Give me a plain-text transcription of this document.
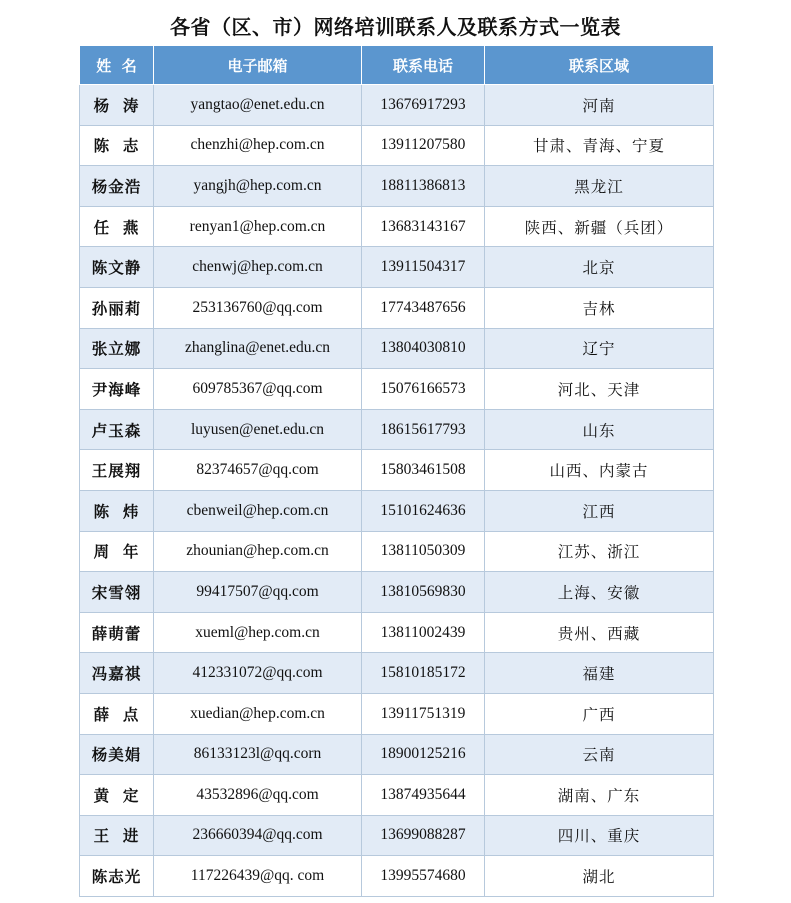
各省（区、市）网络培训联系人及联系方式一览表
姓  名	电子邮箱	联系电话	联系区域
杨  涛	yangtao@enet.edu.cn	13676917293	河南
陈  志	chenzhi@hep.com.cn	13911207580	甘肃、青海、宁夏
杨金浩	yangjh@hep.com.cn	18811386813	黑龙江
任  燕	renyan1@hep.com.cn	13683143167	陕西、新疆（兵团）
陈文静	chenwj@hep.com.cn	13911504317	北京
孙丽莉	253136760@qq.com	17743487656	吉林
张立娜	zhanglina@enet.edu.cn	13804030810	辽宁
尹海峰	609785367@qq.com	15076166573	河北、天津
卢玉森	luyusen@enet.edu.cn	18615617793	山东
王展翔	82374657@qq.com	15803461508	山西、内蒙古
陈  炜	cbenweil@hep.com.cn	15101624636	江西
周  年	zhounian@hep.com.cn	13811050309	江苏、浙江
宋雪翎	99417507@qq.com	13810569830	上海、安徽
薛萌蕾	xueml@hep.com.cn	13811002439	贵州、西藏
冯嘉祺	412331072@qq.com	15810185172	福建
薛  点	xuedian@hep.com.cn	13911751319	广西
杨美娟	86133123l@qq.corn	18900125216	云南
黄  定	43532896@qq.com	13874935644	湖南、广东
王  进	236660394@qq.com	13699088287	四川、重庆
陈志光	117226439@qq. com	13995574680	湖北
